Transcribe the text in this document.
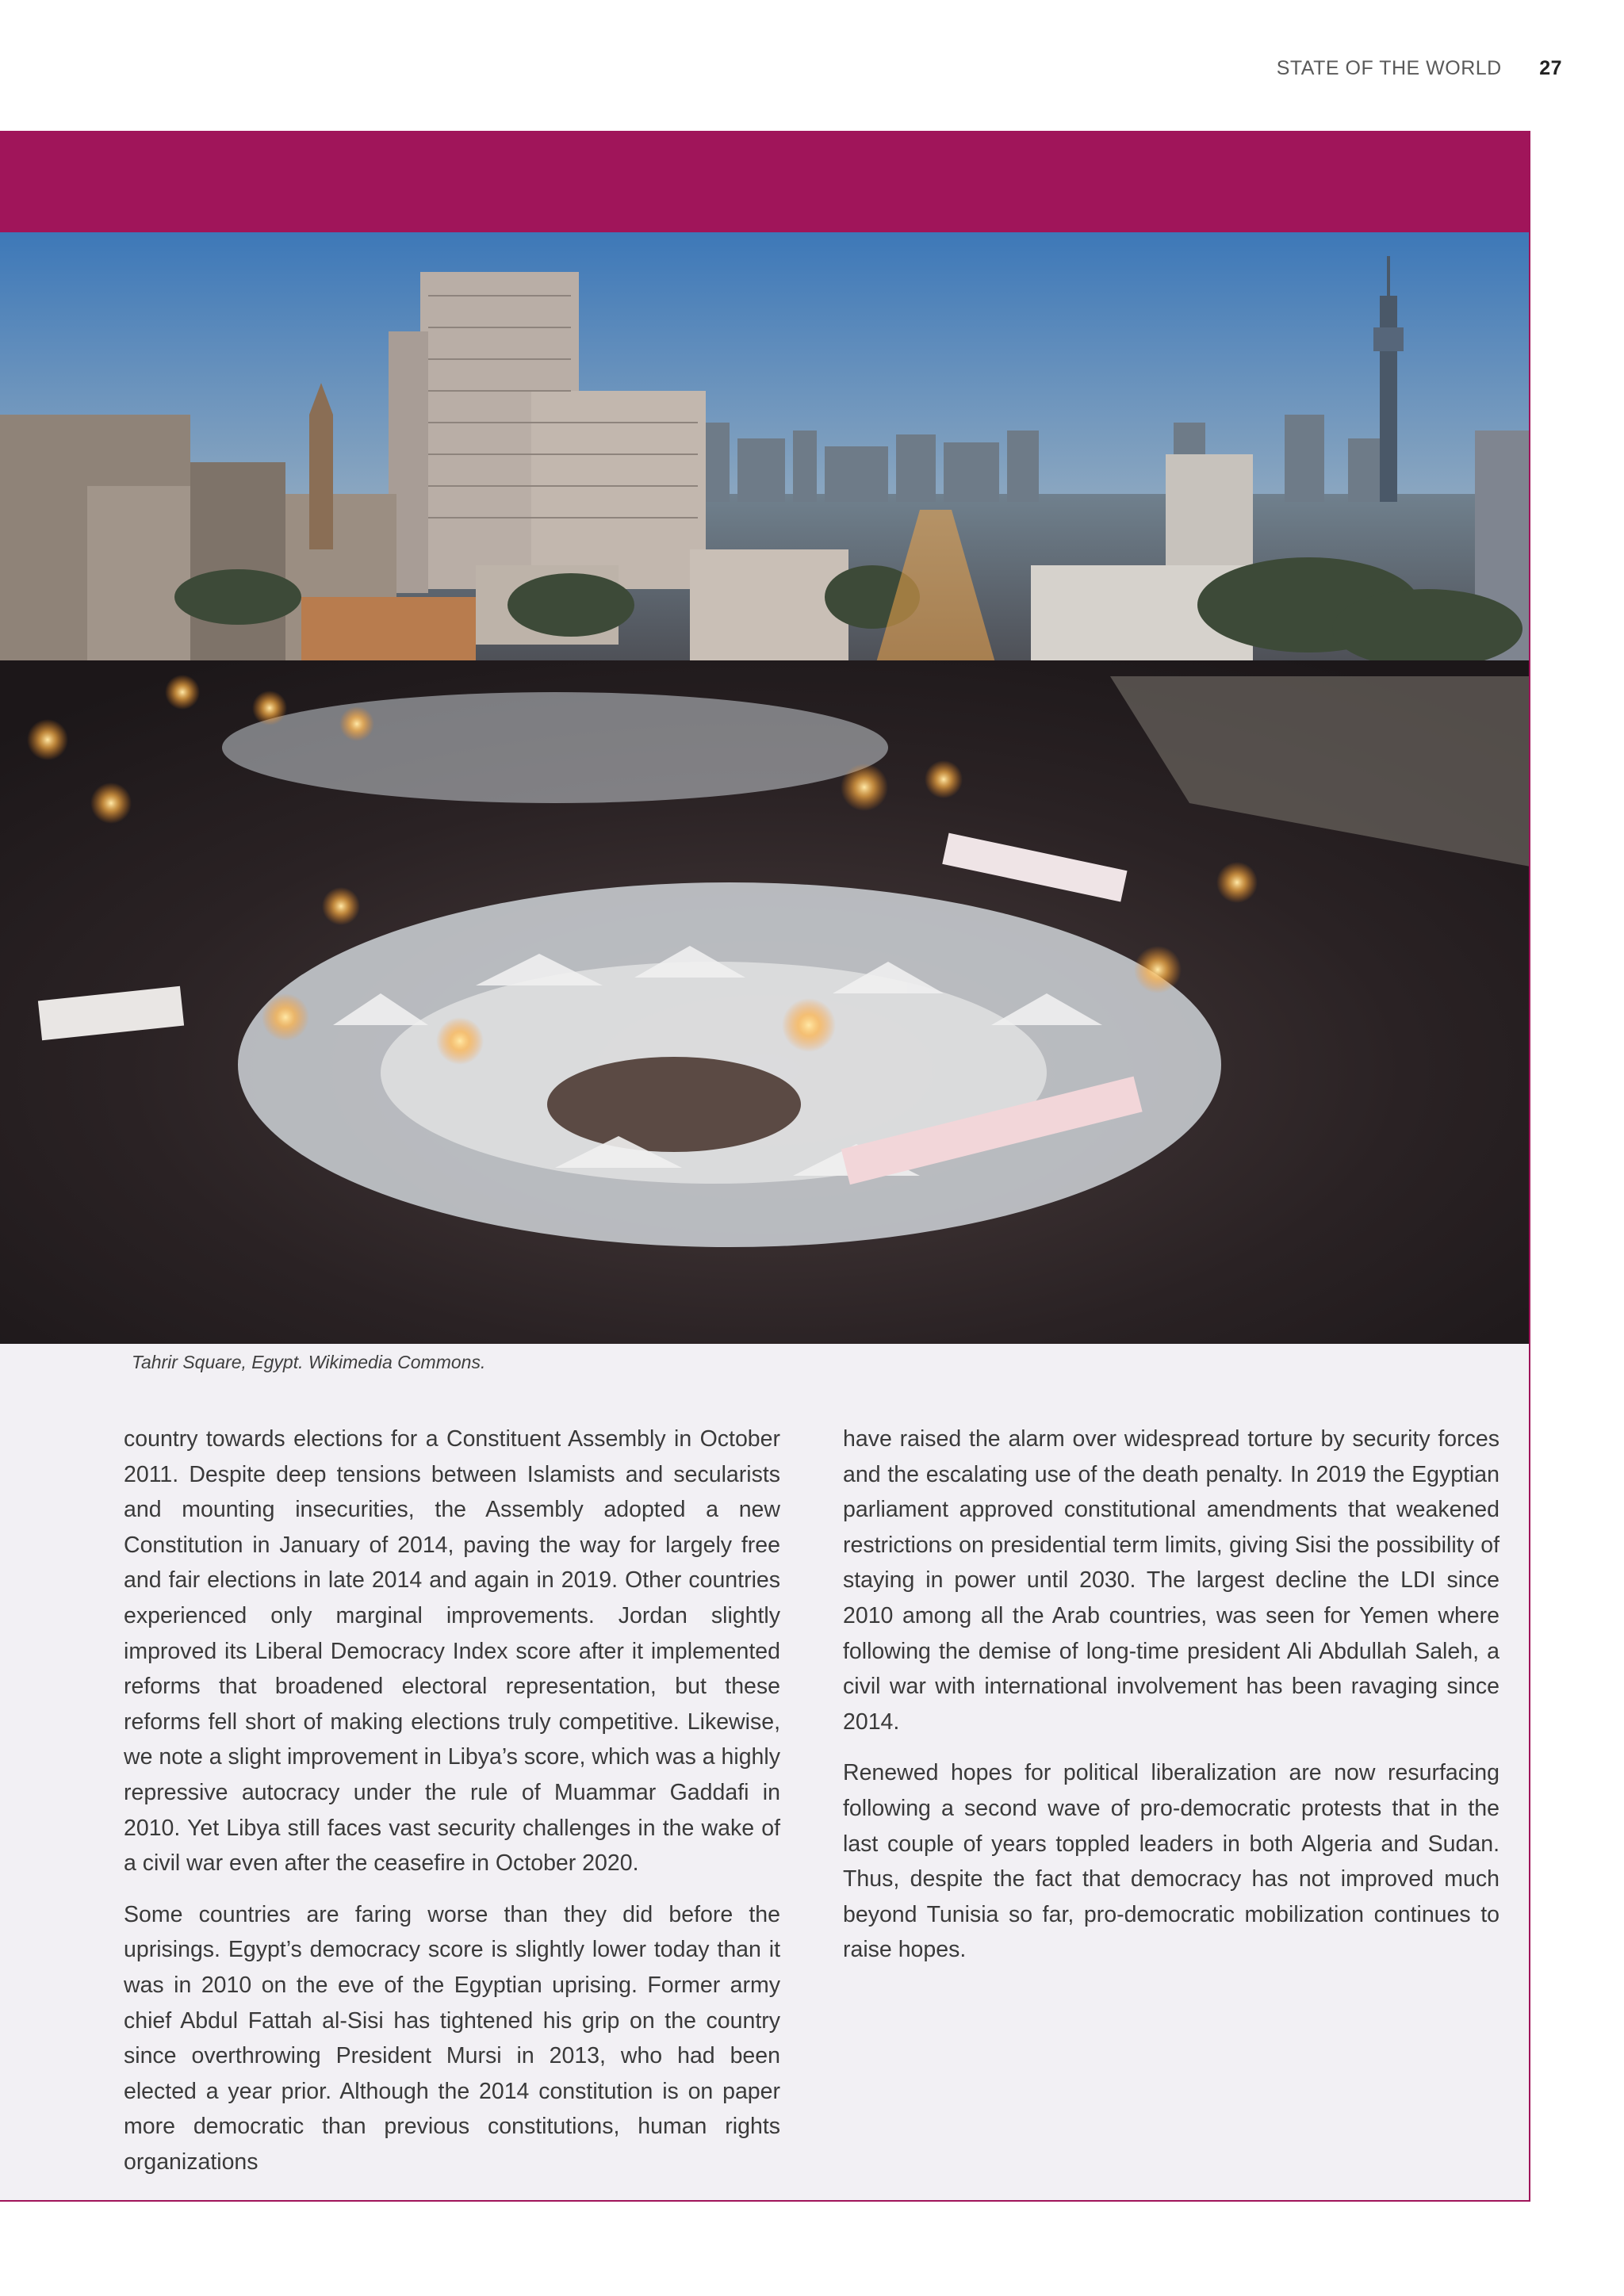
STATE OF THE WORLD 27
Tahrir Square, Egypt. Wikimedia Commons.

country towards elections for a Constituent Assembly in October 2011. Despite deep tensions between Islamists and secularists and mounting insecurities, the Assembly adopted a new Constitution in January of 2014, paving the way for largely free and fair elections in late 2014 and again in 2019. Other countries experienced only marginal improvements. Jordan slightly improved its Liberal Democracy Index score after it implemented reforms that broadened electoral representation, but these reforms fell short of making elections truly competitive. Likewise, we note a slight improvement in Libya’s score, which was a highly repressive autocracy under the rule of Muammar Gaddafi in 2010. Yet Libya still faces vast security challenges in the wake of a civil war even after the ceasefire in October 2020.

Some countries are faring worse than they did before the uprisings. Egypt’s democracy score is slightly lower today than it was in 2010 on the eve of the Egyptian uprising. Former army chief Abdul Fattah al-Sisi has tightened his grip on the country since overthrowing President Mursi in 2013, who had been elected a year prior. Although the 2014 constitution is on paper more democratic than previous constitutions, human rights organizations

have raised the alarm over widespread torture by security forces and the escalating use of the death penalty. In 2019 the Egyptian parliament approved constitutional amendments that weakened restrictions on presidential term limits, giving Sisi the possibility of staying in power until 2030. The largest decline the LDI since 2010 among all the Arab countries, was seen for Yemen where following the demise of long-time president Ali Abdullah Saleh, a civil war with international involvement has been ravaging since 2014.

Renewed hopes for political liberalization are now resurfacing following a second wave of pro-democratic protests that in the last couple of years toppled leaders in both Algeria and Sudan. Thus, despite the fact that democracy has not improved much beyond Tunisia so far, pro-democratic mobilization continues to raise hopes.
